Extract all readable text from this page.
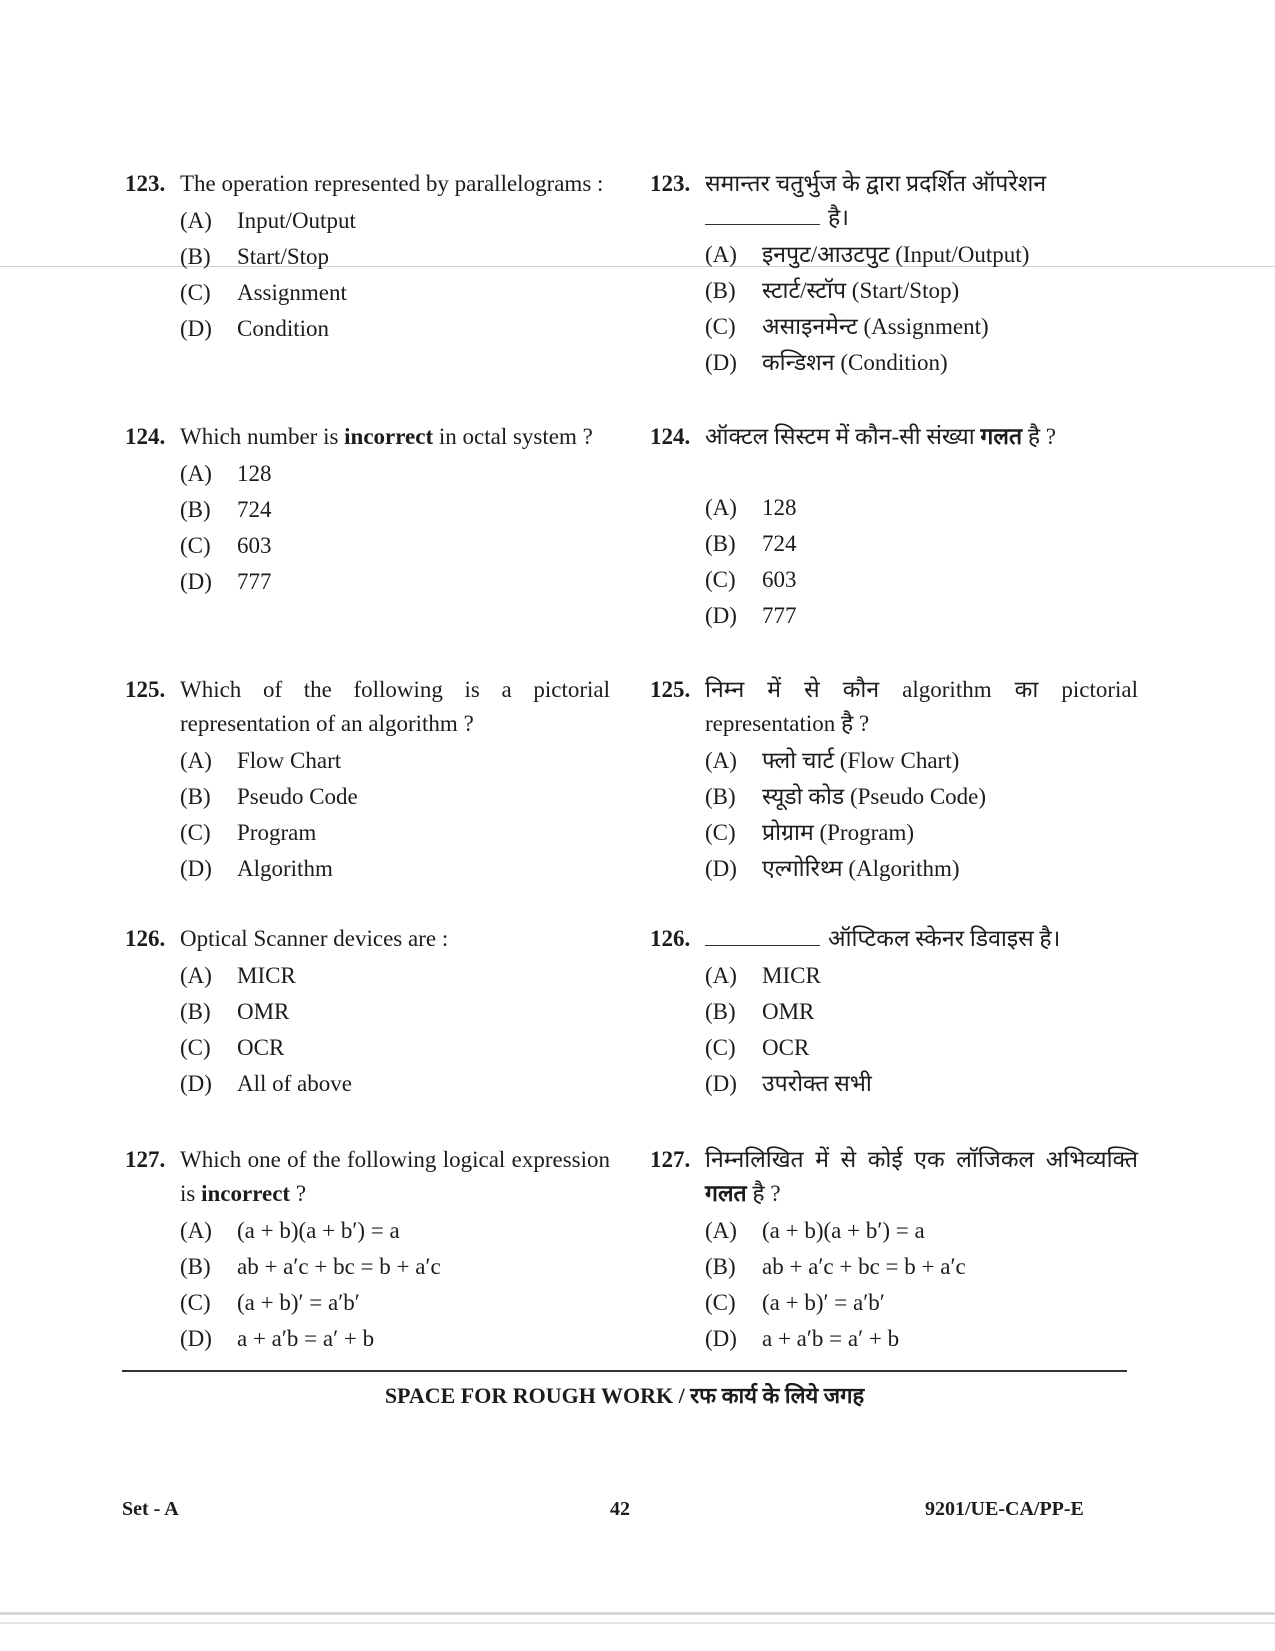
123. The operation represented by parallelograms :
(A)	Input/Output
(B)	Start/Stop
(C)	Assignment
(D)	Condition
123. समान्तर चतुर्भुज के द्वारा प्रदर्शित ऑपरेशन
है।
(A)	इनपुट/आउटपुट (Input/Output)
(B)	स्टार्ट/स्टॉप (Start/Stop)
(C)	असाइनमेन्ट (Assignment)
(D)	कन्डिशन (Condition)
124. Which number is incorrect in octal system ?
(A)	128
(B)	724
(C)	603
(D)	777
124. ऑक्टल सिस्टम में कौन-सी संख्या गलत है ?
(A)	128
(B)	724
(C)	603
(D)	777
125. Which of the following is a pictorial representation of an algorithm ?
(A)	Flow Chart
(B)	Pseudo Code
(C)	Program
(D)	Algorithm
125. निम्न में से कौन algorithm का pictorial representation है ?
(A)	फ्लो चार्ट (Flow Chart)
(B)	स्यूडो कोड (Pseudo Code)
(C)	प्रोग्राम (Program)
(D)	एल्गोरिथ्म (Algorithm)
126. Optical Scanner devices are :
(A)	MICR
(B)	OMR
(C)	OCR
(D)	All of above
126.	ऑप्टिकल स्केनर डिवाइस है।
(A)	MICR
(B)	OMR
(C)	OCR
(D)	उपरोक्त सभी
127. Which one of the following logical expression is incorrect ?
(A)	(a + b)(a + b′) = a
(B)	ab + a′c + bc = b + a′c
(C)	(a + b)′ = a′b′
(D)	a + a′b = a′ + b
127. निम्नलिखित में से कोई एक लॉजिकल अभिव्यक्ति गलत है ?
(A)	(a + b)(a + b′) = a
(B)	ab + a′c + bc = b + a′c
(C)	(a + b)′ = a′b′
(D)	a + a′b = a′ + b
SPACE FOR ROUGH WORK / रफ कार्य के लिये जगह
Set - A	42	9201/UE-CA/PP-E
